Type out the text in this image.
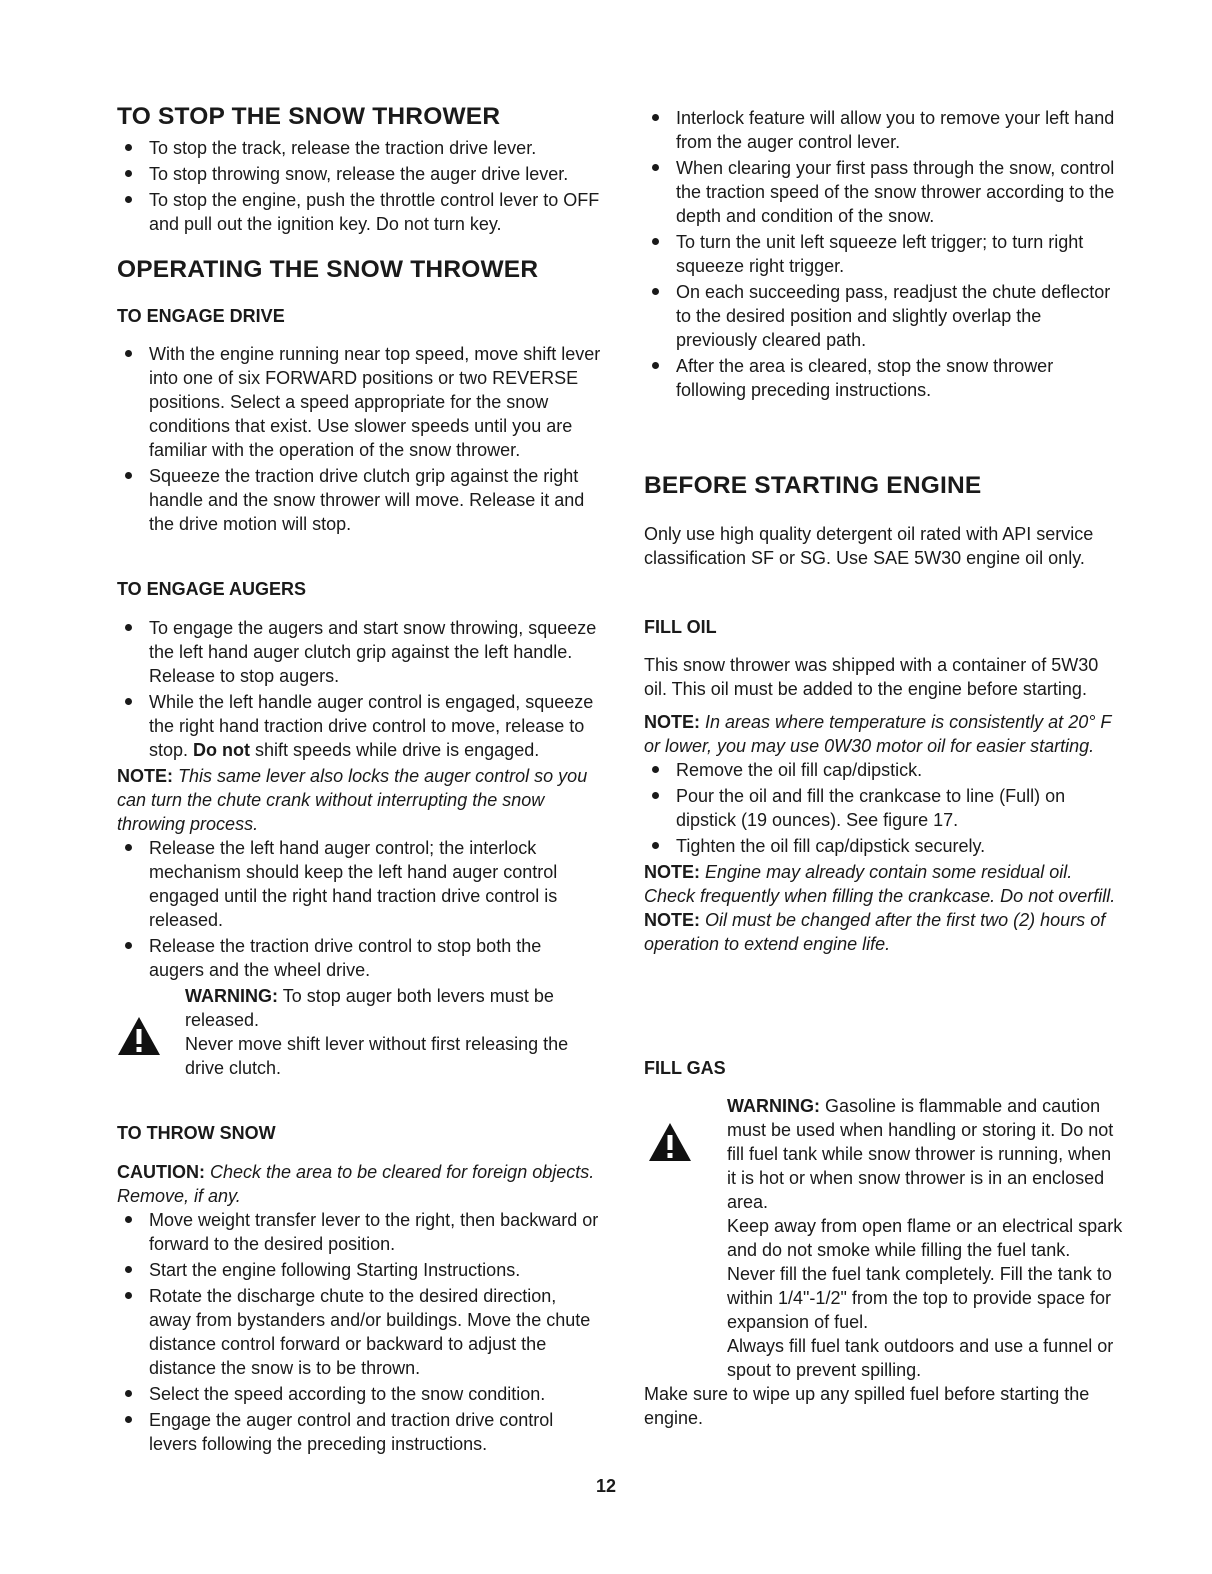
TO STOP THE SNOW THROWER
To stop the track, release the traction drive lever.
To stop throwing snow, release the auger drive lever.
To stop the engine, push the throttle control lever to OFF and pull out the ignition key. Do not turn key.
OPERATING THE SNOW THROWER
TO ENGAGE DRIVE
With the engine running near top speed, move shift lever into one of six FORWARD positions or two REVERSE positions. Select a speed appropriate for the snow conditions that exist. Use slower speeds until you are familiar with the operation of the snow thrower.
Squeeze the traction drive clutch grip against the right handle and the snow thrower will move. Release it and the drive motion will stop.
TO ENGAGE AUGERS
To engage the augers and start snow throwing, squeeze the left hand auger clutch grip against the left handle. Release to stop augers.
While the left handle auger control is engaged, squeeze the right hand traction drive control to move, release to stop. Do not shift speeds while drive is engaged.

NOTE: This same lever also locks the auger control so you can turn the chute crank without interrupting the snow throwing process.

Release the left hand auger control; the interlock mechanism should keep the left hand auger control engaged until the right hand traction drive control is released.
Release the traction drive control to stop both the augers and the wheel drive.

WARNING: To stop auger both levers must be released.

Never move shift lever without first releasing the drive clutch.

TO THROW SNOW

CAUTION: Check the area to be cleared for foreign objects. Remove, if any.

Move weight transfer lever to the right, then backward or forward to the desired position.
Start the engine following Starting Instructions.
Rotate the discharge chute to the desired direction, away from bystanders and/or buildings. Move the chute distance control forward or backward to adjust the distance the snow is to be thrown.
Select the speed according to the snow condition.
Engage the auger control and traction drive control levers following the preceding instructions.
Interlock feature will allow you to remove your left hand from the auger control lever.
When clearing your first pass through the snow, control the traction speed of the snow thrower according to the depth and condition of the snow.
To turn the unit left squeeze left trigger; to turn right squeeze right trigger.
On each succeeding pass, readjust the chute deflector to the desired position and slightly overlap the previously cleared path.
After the area is cleared, stop the snow thrower following preceding instructions.
BEFORE STARTING ENGINE

Only use high quality detergent oil rated with API service classification SF or SG. Use SAE 5W30 engine oil only.

FILL OIL

This snow thrower was shipped with a container of 5W30 oil. This oil must be added to the engine before starting.

NOTE: In areas where temperature is consistently at 20° F or lower, you may use 0W30 motor oil for easier starting.

Remove the oil fill cap/dipstick.
Pour the oil and fill the crankcase to line (Full) on dipstick (19 ounces). See figure 17.
Tighten the oil fill cap/dipstick securely.

NOTE: Engine may already contain some residual oil. Check frequently when filling the crankcase. Do not overfill.

NOTE: Oil must be changed after the first two (2) hours of operation to extend engine life.

FILL GAS

WARNING: Gasoline is flammable and caution must be used when handling or storing it. Do not fill fuel tank while snow thrower is running, when it is hot or when snow thrower is in an enclosed area.

Keep away from open flame or an electrical spark and do not smoke while filling the fuel tank.

Never fill the fuel tank completely. Fill the tank to within 1/4"-1/2" from the top to provide space for expansion of fuel.

Always fill fuel tank outdoors and use a funnel or spout to prevent spilling.

Make sure to wipe up any spilled fuel before starting the engine.

12
